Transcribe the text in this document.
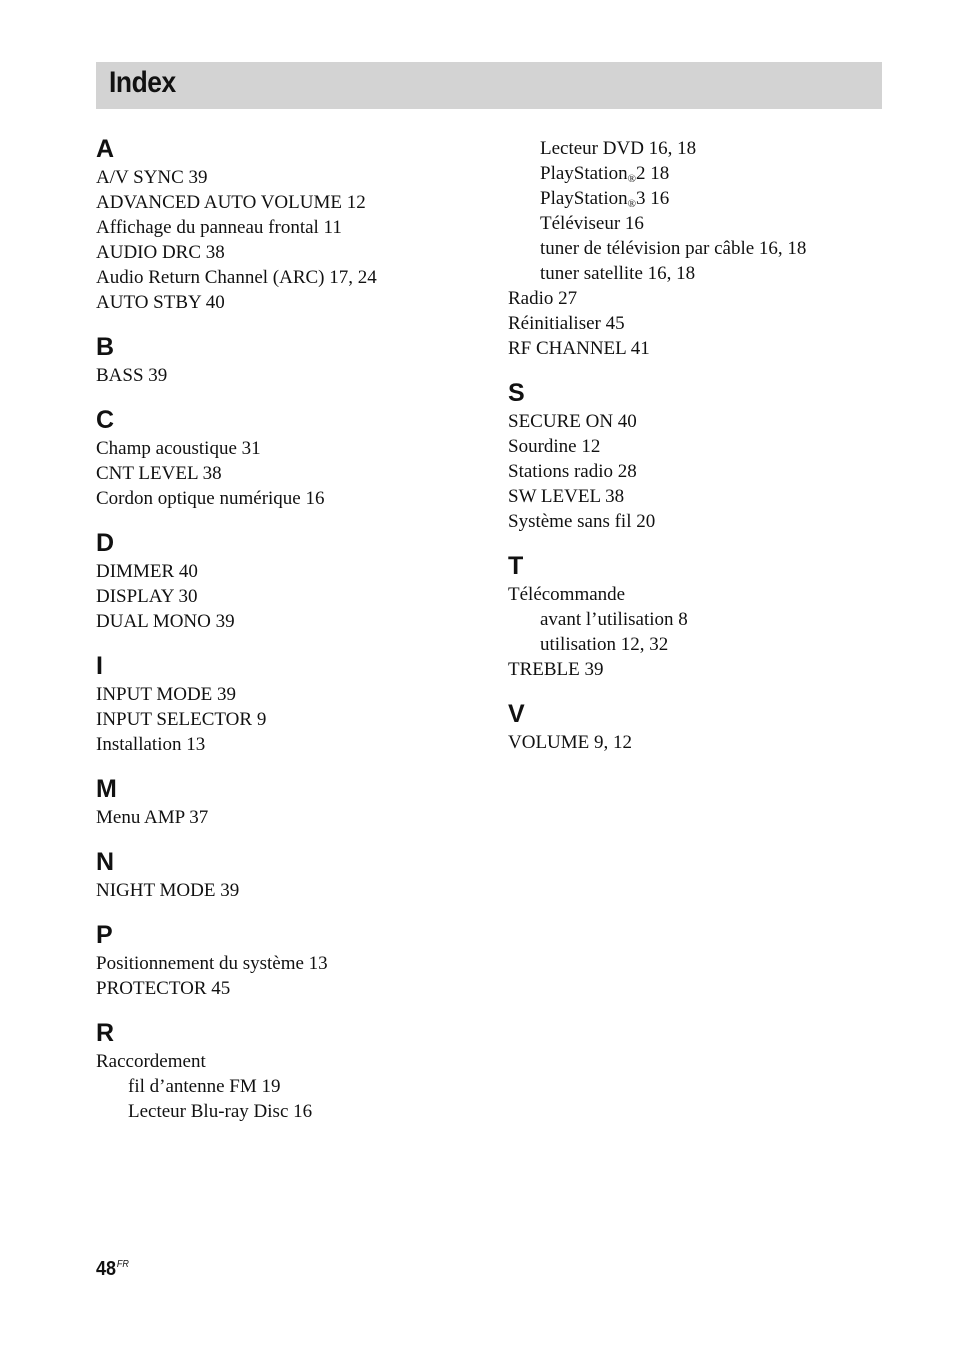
Index
A
A/V SYNC 39
ADVANCED AUTO VOLUME 12
Affichage du panneau frontal 11
AUDIO DRC 38
Audio Return Channel (ARC) 17, 24
AUTO STBY 40
B
BASS 39
C
Champ acoustique 31
CNT LEVEL 38
Cordon optique numérique 16
D
DIMMER 40
DISPLAY 30
DUAL MONO 39
I
INPUT MODE 39
INPUT SELECTOR 9
Installation 13
M
Menu AMP 37
N
NIGHT MODE 39
P
Positionnement du système 13
PROTECTOR 45
R
Raccordement
fil d’antenne FM 19
Lecteur Blu-ray Disc 16
Lecteur DVD 16, 18
PlayStation®2 18
PlayStation®3 16
Téléviseur 16
tuner de télévision par câble 16, 18
tuner satellite 16, 18
Radio 27
Réinitialiser 45
RF CHANNEL 41
S
SECURE ON 40
Sourdine 12
Stations radio 28
SW LEVEL 38
Système sans fil 20
T
Télécommande
avant l’utilisation 8
utilisation 12, 32
TREBLE 39
V
VOLUME 9, 12
$48^{FR}$
